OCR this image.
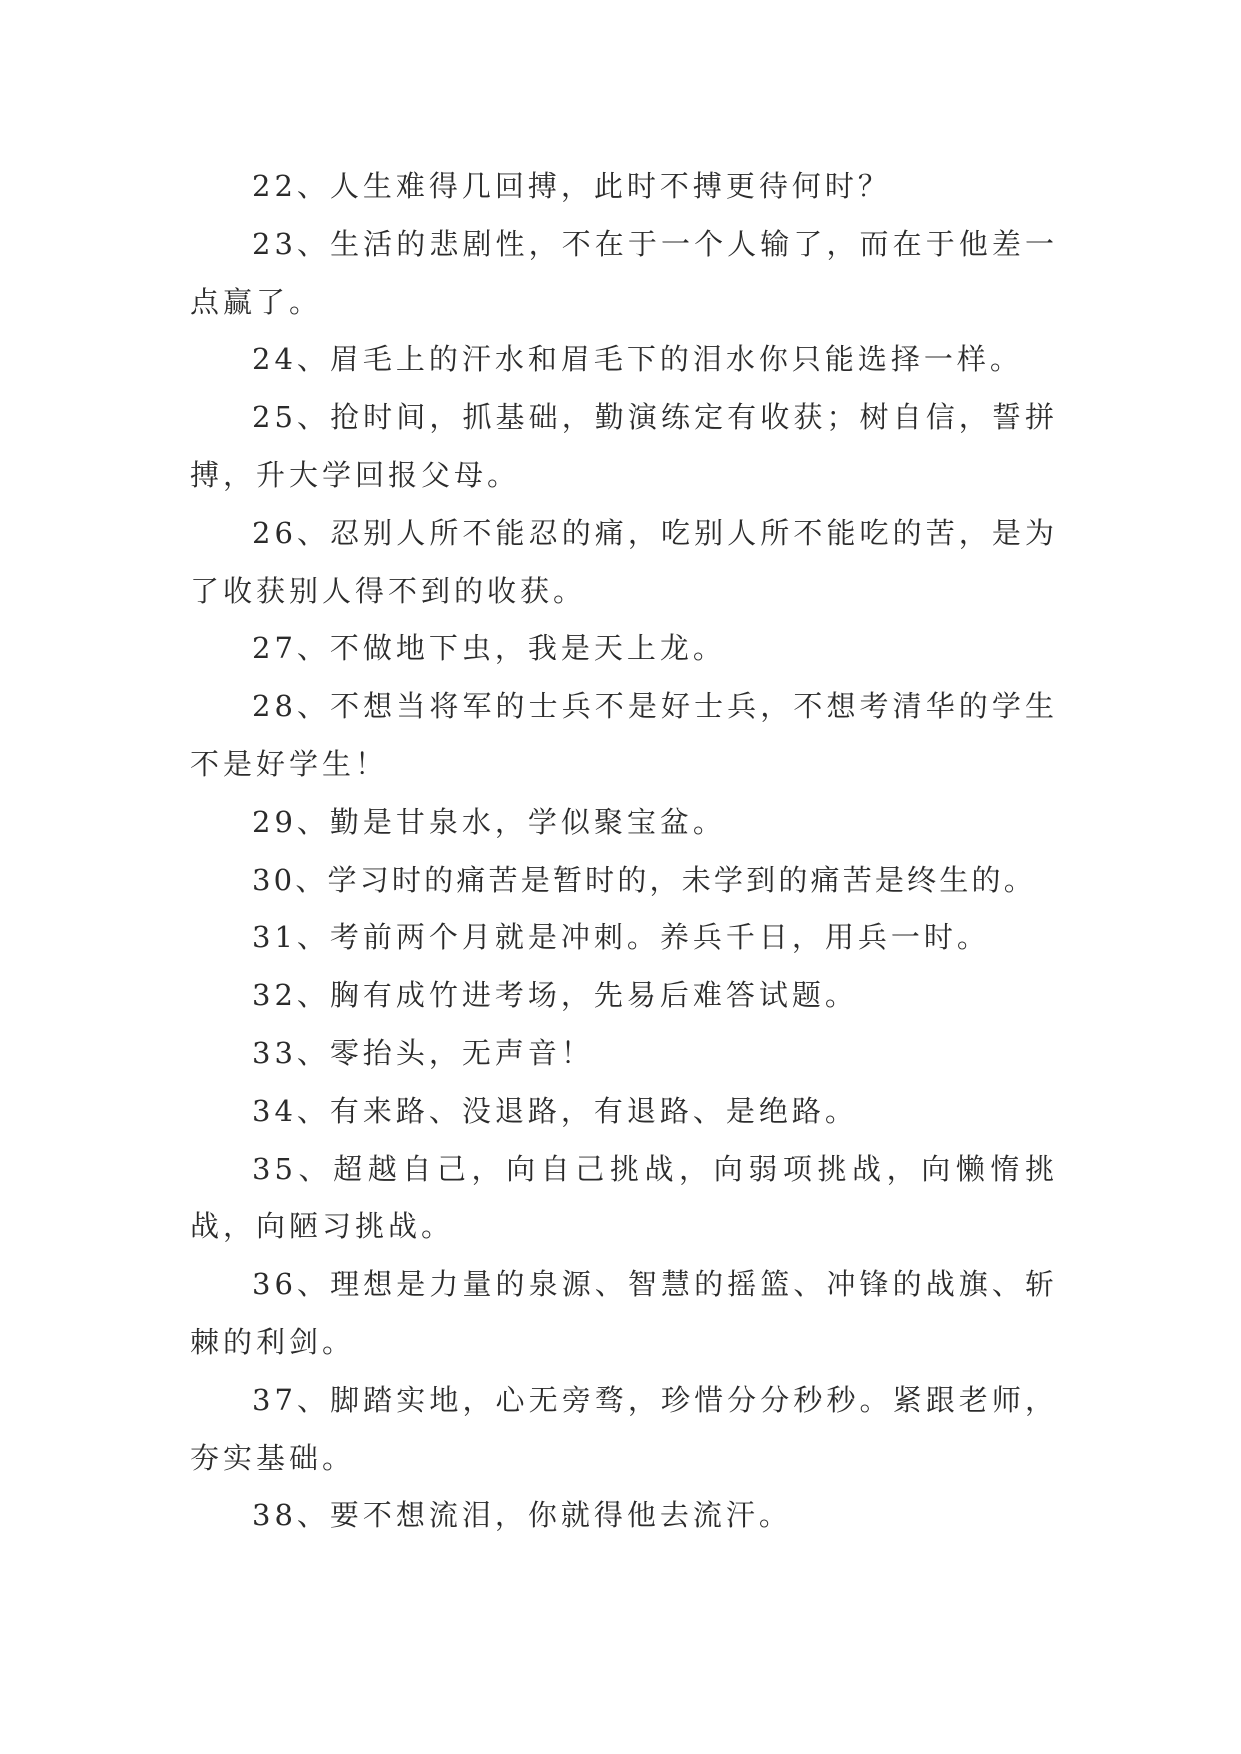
22、人生难得几回搏，此时不搏更待何时？

23、生活的悲剧性，不在于一个人输了，而在于他差一点赢了。

24、眉毛上的汗水和眉毛下的泪水你只能选择一样。

25、抢时间，抓基础，勤演练定有收获；树自信，誓拼搏，升大学回报父母。

26、忍别人所不能忍的痛，吃别人所不能吃的苦，是为了收获别人得不到的收获。

27、不做地下虫，我是天上龙。

28、不想当将军的士兵不是好士兵，不想考清华的学生不是好学生！

29、勤是甘泉水，学似聚宝盆。

30、学习时的痛苦是暂时的，未学到的痛苦是终生的。

31、考前两个月就是冲刺。养兵千日，用兵一时。

32、胸有成竹进考场，先易后难答试题。

33、零抬头，无声音！

34、有来路、没退路，有退路、是绝路。

35、超越自己，向自己挑战，向弱项挑战，向懒惰挑战，向陋习挑战。

36、理想是力量的泉源、智慧的摇篮、冲锋的战旗、斩棘的利剑。

37、脚踏实地，心无旁骛，珍惜分分秒秒。紧跟老师，夯实基础。

38、要不想流泪，你就得他去流汗。
